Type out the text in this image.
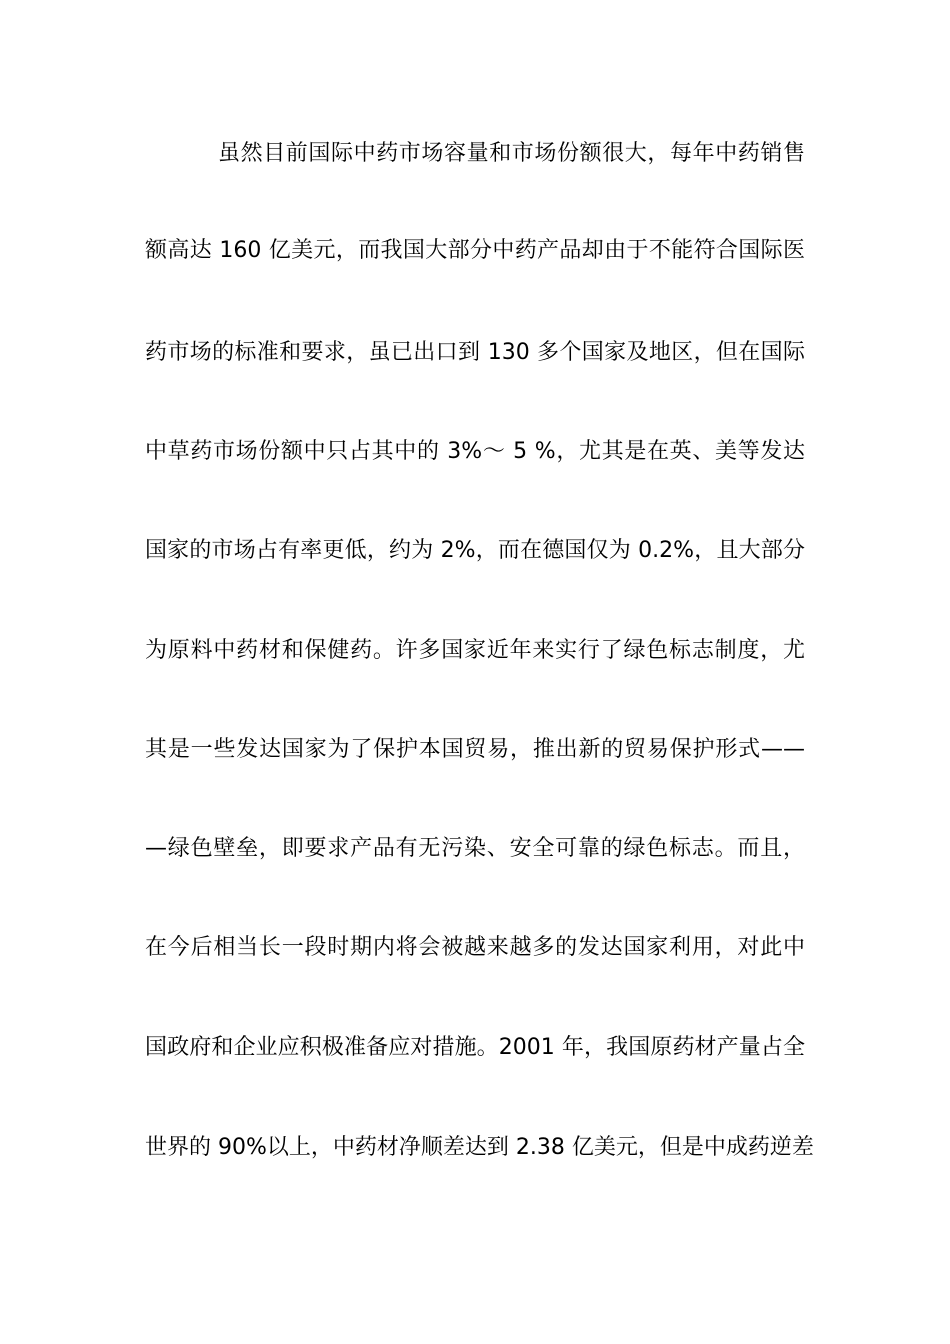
虽然目前国际中药市场容量和市场份额很大，每年中药销售
额高达 160 亿美元，而我国大部分中药产品却由于不能符合国际医
药市场的标准和要求，虽已出口到 130 多个国家及地区，但在国际
中草药市场份额中只占其中的 3%～ 5 %，尤其是在英、美等发达
国家的市场占有率更低，约为 2%，而在德国仅为 0.2%，且大部分
为原料中药材和保健药。许多国家近年来实行了绿色标志制度，尤
其是一些发达国家为了保护本国贸易，推出新的贸易保护形式——
—绿色壁垒，即要求产品有无污染、安全可靠的绿色标志。而且，
在今后相当长一段时期内将会被越来越多的发达国家利用，对此中
国政府和企业应积极准备应对措施。2001 年，我国原药材产量占全
世界的 90%以上，中药材净顺差达到 2.38 亿美元，但是中成药逆差
